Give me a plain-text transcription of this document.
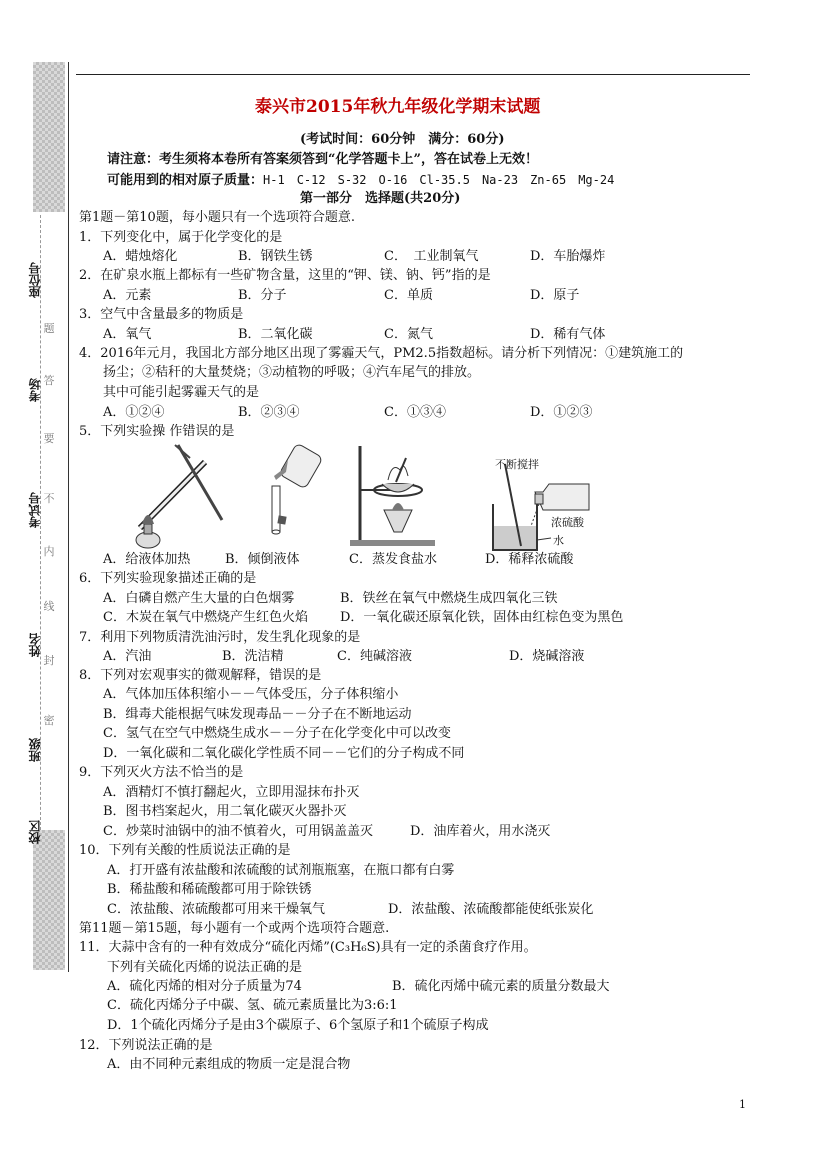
座位号
考场
考试号
姓名
班级
校区
题
答
要
不
内
线
封
密
泰兴市2015年秋九年级化学期末试题
(考试时间：60分钟　满分：60分)
请注意：考生须将本卷所有答案须答到“化学答题卡上”，答在试卷上无效！
可能用到的相对原子质量：H-1　C-12　S-32　O-16　Cl-35.5　Na-23　Zn-65　Mg-24
第一部分　选择题(共20分)
第1题－第10题，每小题只有一个选项符合题意.
1．下列变化中，属于化学变化的是
A．蜡烛熔化	B．钢铁生锈	C．　工业制氧气	D．车胎爆炸
2．在矿泉水瓶上都标有一些矿物含量，这里的“钾、镁、钠、钙”指的是
A．元素	B．分子	C．单质	D．原子
3．空气中含量最多的物质是
A．氧气	B．二氧化碳	C．氮气	D．稀有气体
4．2016年元月，我国北方部分地区出现了雾霾天气，PM2.5指数超标。请分析下列情况：①建筑施工的
扬尘；②秸秆的大量焚烧；③动植物的呼吸；④汽车尾气的排放。
其中可能引起雾霾天气的是
A．①②④	B．②③④	C．①③④	D．①②③
5．下列实验操 作错误的是
不断搅拌
浓硫酸
水
A．给液体加热	B．倾倒液体	C．蒸发食盐水	D．稀释浓硫酸
6．下列实验现象描述正确的是
A．白磷自燃产生大量的白色烟雾	B．铁丝在氧气中燃烧生成四氧化三铁
C．木炭在氧气中燃烧产生红色火焰 D．一氧化碳还原氧化铁，固体由红棕色变为黑色
7．利用下列物质清洗油污时，发生乳化现象的是
A．汽油	B．洗洁精	C．纯碱溶液	D．烧碱溶液
8．下列对宏观事实的微观解释，错误的是
A．气体加压体积缩小－－气体受压，分子体积缩小
B．缉毒犬能根据气味发现毒品－－分子在不断地运动
C．氢气在空气中燃烧生成水－－分子在化学变化中可以改变
D．一氧化碳和二氧化碳化学性质不同－－它们的分子构成不同
9．下列灭火方法不恰当的是
A．酒精灯不慎打翻起火，立即用湿抹布扑灭
B．图书档案起火，用二氧化碳灭火器扑灭
C．炒菜时油锅中的油不慎着火，可用锅盖盖灭	D．油库着火，用水浇灭
10．下列有关酸的性质说法正确的是
A．打开盛有浓盐酸和浓硫酸的试剂瓶瓶塞，在瓶口都有白雾
B．稀盐酸和稀硫酸都可用于除铁锈
C．浓盐酸、浓硫酸都可用来干燥氧气	D．浓盐酸、浓硫酸都能使纸张炭化
第11题－第15题，每小题有一个或两个选项符合题意.
11．大蒜中含有的一种有效成分“硫化丙烯”(C₃H₆S)具有一定的杀菌食疗作用。
下列有关硫化丙烯的说法正确的是
A．硫化丙烯的相对分子质量为74	B．硫化丙烯中硫元素的质量分数最大
C．硫化丙烯分子中碳、氢、硫元素质量比为3:6:1
D．1个硫化丙烯分子是由3个碳原子、6个氢原子和1个硫原子构成
12．下列说法正确的是
A．由不同种元素组成的物质一定是混合物
1
